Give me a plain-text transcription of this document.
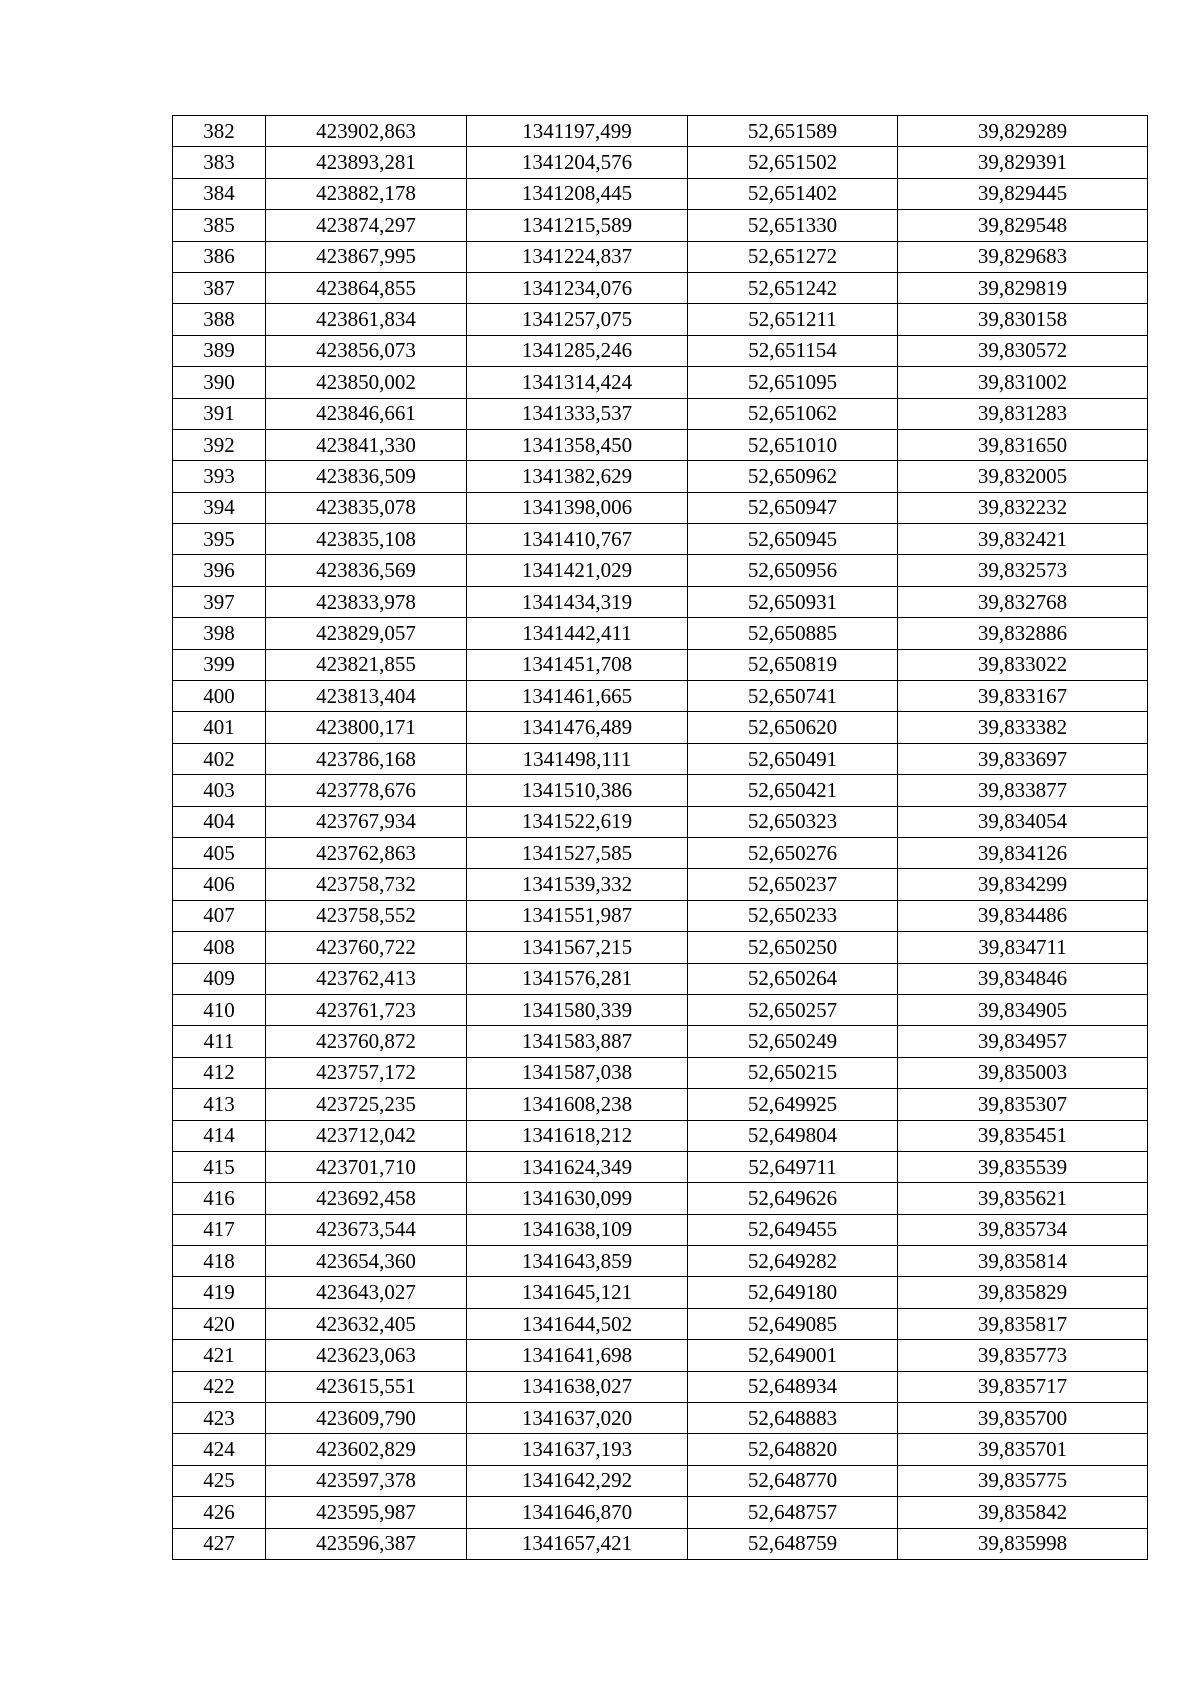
382	423902,863	1341197,499	52,651589	39,829289
383	423893,281	1341204,576	52,651502	39,829391
384	423882,178	1341208,445	52,651402	39,829445
385	423874,297	1341215,589	52,651330	39,829548
386	423867,995	1341224,837	52,651272	39,829683
387	423864,855	1341234,076	52,651242	39,829819
388	423861,834	1341257,075	52,651211	39,830158
389	423856,073	1341285,246	52,651154	39,830572
390	423850,002	1341314,424	52,651095	39,831002
391	423846,661	1341333,537	52,651062	39,831283
392	423841,330	1341358,450	52,651010	39,831650
393	423836,509	1341382,629	52,650962	39,832005
394	423835,078	1341398,006	52,650947	39,832232
395	423835,108	1341410,767	52,650945	39,832421
396	423836,569	1341421,029	52,650956	39,832573
397	423833,978	1341434,319	52,650931	39,832768
398	423829,057	1341442,411	52,650885	39,832886
399	423821,855	1341451,708	52,650819	39,833022
400	423813,404	1341461,665	52,650741	39,833167
401	423800,171	1341476,489	52,650620	39,833382
402	423786,168	1341498,111	52,650491	39,833697
403	423778,676	1341510,386	52,650421	39,833877
404	423767,934	1341522,619	52,650323	39,834054
405	423762,863	1341527,585	52,650276	39,834126
406	423758,732	1341539,332	52,650237	39,834299
407	423758,552	1341551,987	52,650233	39,834486
408	423760,722	1341567,215	52,650250	39,834711
409	423762,413	1341576,281	52,650264	39,834846
410	423761,723	1341580,339	52,650257	39,834905
411	423760,872	1341583,887	52,650249	39,834957
412	423757,172	1341587,038	52,650215	39,835003
413	423725,235	1341608,238	52,649925	39,835307
414	423712,042	1341618,212	52,649804	39,835451
415	423701,710	1341624,349	52,649711	39,835539
416	423692,458	1341630,099	52,649626	39,835621
417	423673,544	1341638,109	52,649455	39,835734
418	423654,360	1341643,859	52,649282	39,835814
419	423643,027	1341645,121	52,649180	39,835829
420	423632,405	1341644,502	52,649085	39,835817
421	423623,063	1341641,698	52,649001	39,835773
422	423615,551	1341638,027	52,648934	39,835717
423	423609,790	1341637,020	52,648883	39,835700
424	423602,829	1341637,193	52,648820	39,835701
425	423597,378	1341642,292	52,648770	39,835775
426	423595,987	1341646,870	52,648757	39,835842
427	423596,387	1341657,421	52,648759	39,835998
